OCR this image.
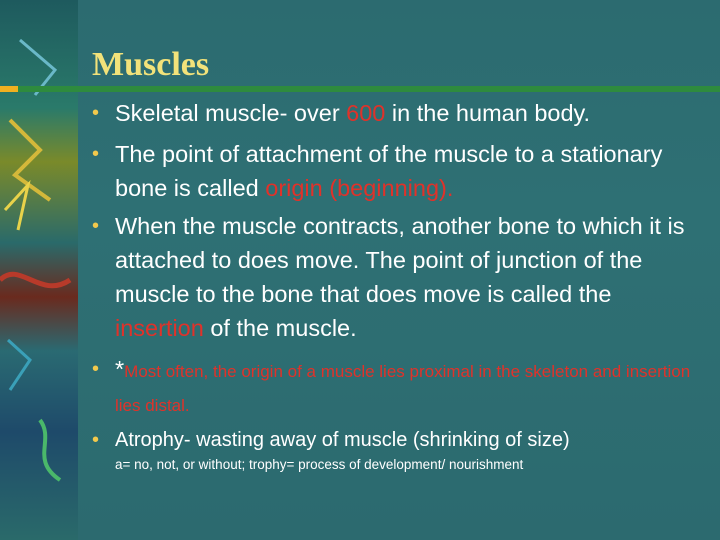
Muscles
• Skeletal muscle- over 600 in the human body.
• The point of attachment of the muscle to a stationary bone is called origin (beginning).
• When the muscle contracts, another bone to which it is attached to does move. The point of junction of the muscle to the bone that does move is called the insertion of the muscle.
• *Most often, the origin of a muscle lies proximal in the skeleton and insertion lies distal.
• Atrophy- wasting away of muscle (shrinking of size)
a= no, not, or without; trophy= process of development/ nourishment
